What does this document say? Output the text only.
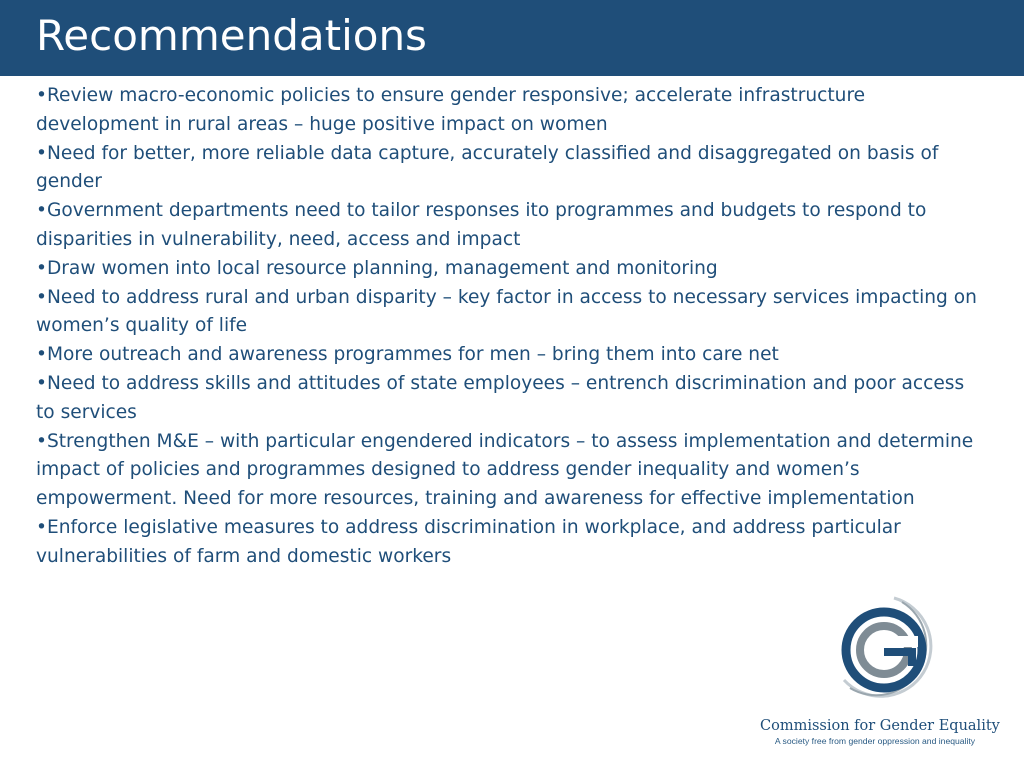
Recommendations
•Review macro-economic policies to ensure gender responsive; accelerate infrastructure development in rural areas – huge positive impact on women
•Need for better, more reliable data capture, accurately classified and disaggregated on basis of gender
•Government departments need to tailor responses ito programmes and budgets to respond to disparities in vulnerability, need, access and impact
•Draw women into local resource planning, management and monitoring
•Need to address rural and urban disparity – key factor in access to necessary services impacting on women’s quality of life
•More outreach and awareness programmes for men – bring them into care net
•Need to address skills and attitudes of state employees – entrench discrimination and poor access to services
•Strengthen M&E – with particular engendered indicators – to assess implementation and determine impact of policies and programmes designed to address gender inequality and women’s empowerment. Need for more resources, training and awareness for effective implementation
•Enforce legislative measures to address discrimination in workplace, and address particular vulnerabilities of farm and domestic workers
Commission for Gender Equality
A society free from gender oppression and inequality
